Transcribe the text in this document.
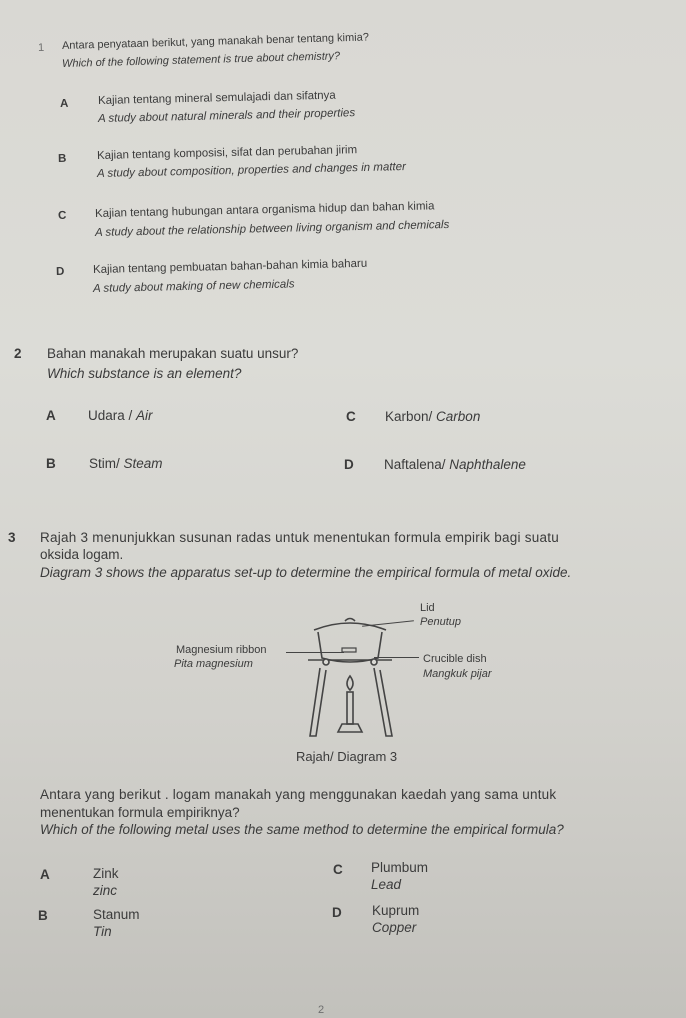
1 Antara penyataan berikut, yang manakah benar tentang kimia?
Which of the following statement is true about chemistry?
A	Kajian tentang mineral semulajadi dan sifatnya
A study about natural minerals and their properties
B	Kajian tentang komposisi, sifat dan perubahan jirim
A study about composition, properties and changes in matter
C Kajian tentang hubungan antara organisma hidup dan bahan kimia
A study about the relationship between living organism and chemicals
D Kajian tentang pembuatan bahan-bahan kimia baharu
A study about making of new chemicals
2 Bahan manakah merupakan suatu unsur?
Which substance is an element?
A Udara / Air	C Karbon/ Carbon
B Stim/ Steam	D Naftalena/ Naphthalene
3 Rajah 3 menunjukkan susunan radas untuk menentukan formula empirik bagi suatu
oksida logam.
Diagram 3 shows the apparatus set-up to determine the empirical formula of metal oxide.
Lid
Penutup
Magnesium ribbon
Pita magnesium	Crucible dish
Mangkuk pijar
Rajah/ Diagram 3
Antara yang berikut . logam manakah yang menggunakan kaedah yang sama untuk
menentukan formula empiriknya?
Which of the following metal uses the same method to determine the empirical formula?
A	Zink
zinc
C Plumbum
Lead
B	Stanum
Tin
D Kuprum
Copper
2
